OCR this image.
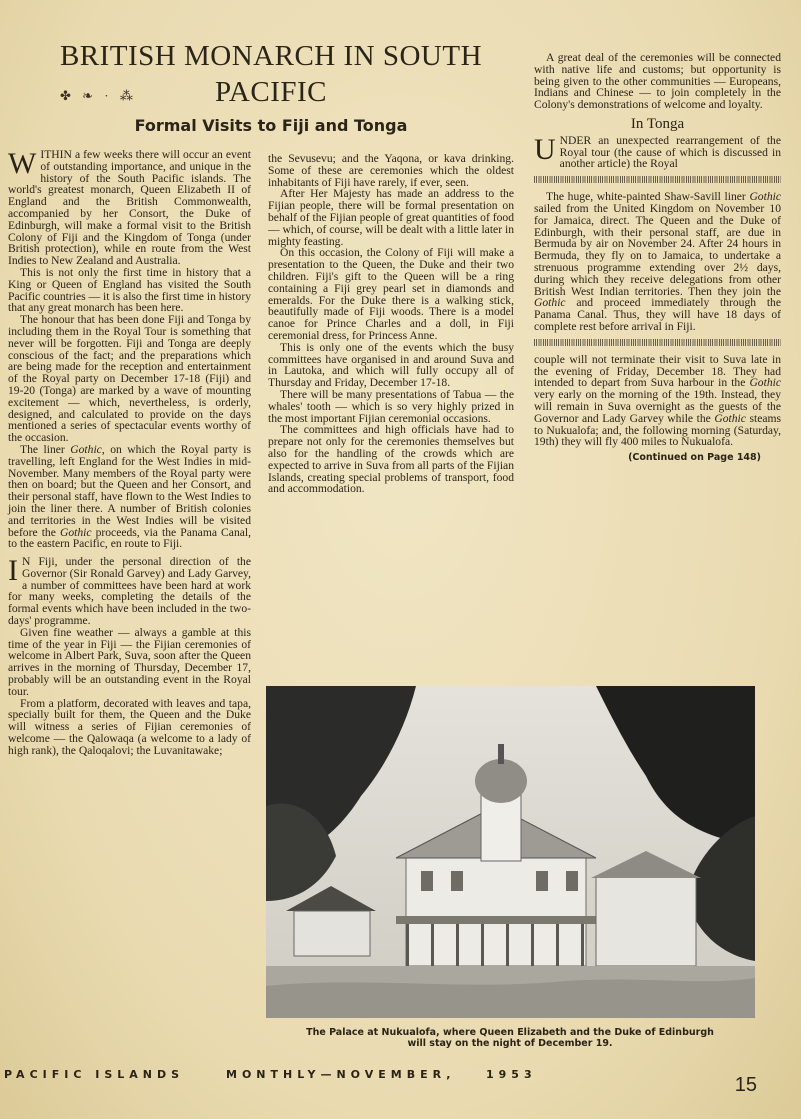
BRITISH MONARCH IN SOUTH
PACIFIC
✤ ❧ · ⁂
Formal Visits to Fiji and Tonga

WITHIN a few weeks there will occur an event of outstanding importance, and unique in the history of the South Pacific islands. The world's greatest monarch, Queen Elizabeth II of England and the British Commonwealth, accompanied by her Consort, the Duke of Edinburgh, will make a formal visit to the British Colony of Fiji and the Kingdom of Tonga (under British protection), while en route from the West Indies to New Zealand and Australia.

This is not only the first time in history that a King or Queen of England has visited the South Pacific countries — it is also the first time in history that any great monarch has been here.

The honour that has been done Fiji and Tonga by including them in the Royal Tour is something that never will be forgotten. Fiji and Tonga are deeply conscious of the fact; and the preparations which are being made for the reception and entertainment of the Royal party on December 17-18 (Fiji) and 19-20 (Tonga) are marked by a wave of mounting excitement — which, nevertheless, is orderly, designed, and calculated to provide on the days mentioned a series of spectacular events worthy of the occasion.

The liner Gothic, on which the Royal party is travelling, left England for the West Indies in mid-November. Many members of the Royal party were then on board; but the Queen and her Consort, and their personal staff, have flown to the West Indies to join the liner there. A number of British colonies and territories in the West Indies will be visited before the Gothic proceeds, via the Panama Canal, to the eastern Pacific, en route to Fiji.

I N Fiji, under the personal direction of the Governor (Sir Ronald Garvey) and Lady Garvey, a number of committees have been hard at work for many weeks, completing the details of the formal events which have been included in the two-days' programme.

Given fine weather — always a gamble at this time of the year in Fiji — the Fijian ceremonies of welcome in Albert Park, Suva, soon after the Queen arrives in the morning of Thursday, December 17, probably will be an outstanding event in the Royal tour.

From a platform, decorated with leaves and tapa, specially built for them, the Queen and the Duke will witness a series of Fijian ceremonies of welcome — the Qalowaqa (a welcome to a lady of high rank), the Qaloqalovi; the Luvanitawake;

the Sevusevu; and the Yaqona, or kava drinking. Some of these are ceremonies which the oldest inhabitants of Fiji have rarely, if ever, seen.

After Her Majesty has made an address to the Fijian people, there will be formal presentation on behalf of the Fijian people of great quantities of food — which, of course, will be dealt with a little later in mighty feasting.

On this occasion, the Colony of Fiji will make a presentation to the Queen, the Duke and their two children. Fiji's gift to the Queen will be a ring containing a Fiji grey pearl set in diamonds and emeralds. For the Duke there is a walking stick, beautifully made of Fiji woods. There is a model canoe for Prince Charles and a doll, in Fiji ceremonial dress, for Princess Anne.

This is only one of the events which the busy committees have organised in and around Suva and in Lautoka, and which will fully occupy all of Thursday and Friday, December 17-18.

There will be many presentations of Tabua — the whales' tooth — which is so very highly prized in the most important Fijian ceremonial occasions.

The committees and high officials have had to prepare not only for the ceremonies themselves but also for the handling of the crowds which are expected to arrive in Suva from all parts of the Fijian Islands, creating special problems of transport, food and accommodation.

A great deal of the ceremonies will be connected with native life and customs; but opportunity is being given to the other communities — Europeans, Indians and Chinese — to join completely in the Colony's demonstrations of welcome and loyalty.

In Tonga

UNDER an unexpected rearrangement of the Royal tour (the cause of which is discussed in another article) the Royal

The huge, white-painted Shaw-Savill liner Gothic sailed from the United Kingdom on November 10 for Jamaica, direct. The Queen and the Duke of Edinburgh, with their personal staff, are due in Bermuda by air on November 24. After 24 hours in Bermuda, they fly on to Jamaica, to undertake a strenuous programme extending over 2½ days, during which they receive delegations from other British West Indian territories. Then they join the Gothic and proceed immediately through the Panama Canal. Thus, they will have 18 days of complete rest before arrival in Fiji.

couple will not terminate their visit to Suva late in the evening of Friday, December 18. They had intended to depart from Suva harbour in the Gothic very early on the morning of the 19th. Instead, they will remain in Suva overnight as the guests of the Governor and Lady Garvey while the Gothic steams to Nukualofa; and, the following morning (Saturday, 19th) they will fly 400 miles to Nukualofa.

(Continued on Page 148)
The Palace at Nukualofa, where Queen Elizabeth and the Duke of Edinburgh
will stay on the night of December 19.
PACIFIC ISLANDS	MONTHLY—NOVEMBER,	1953	15
